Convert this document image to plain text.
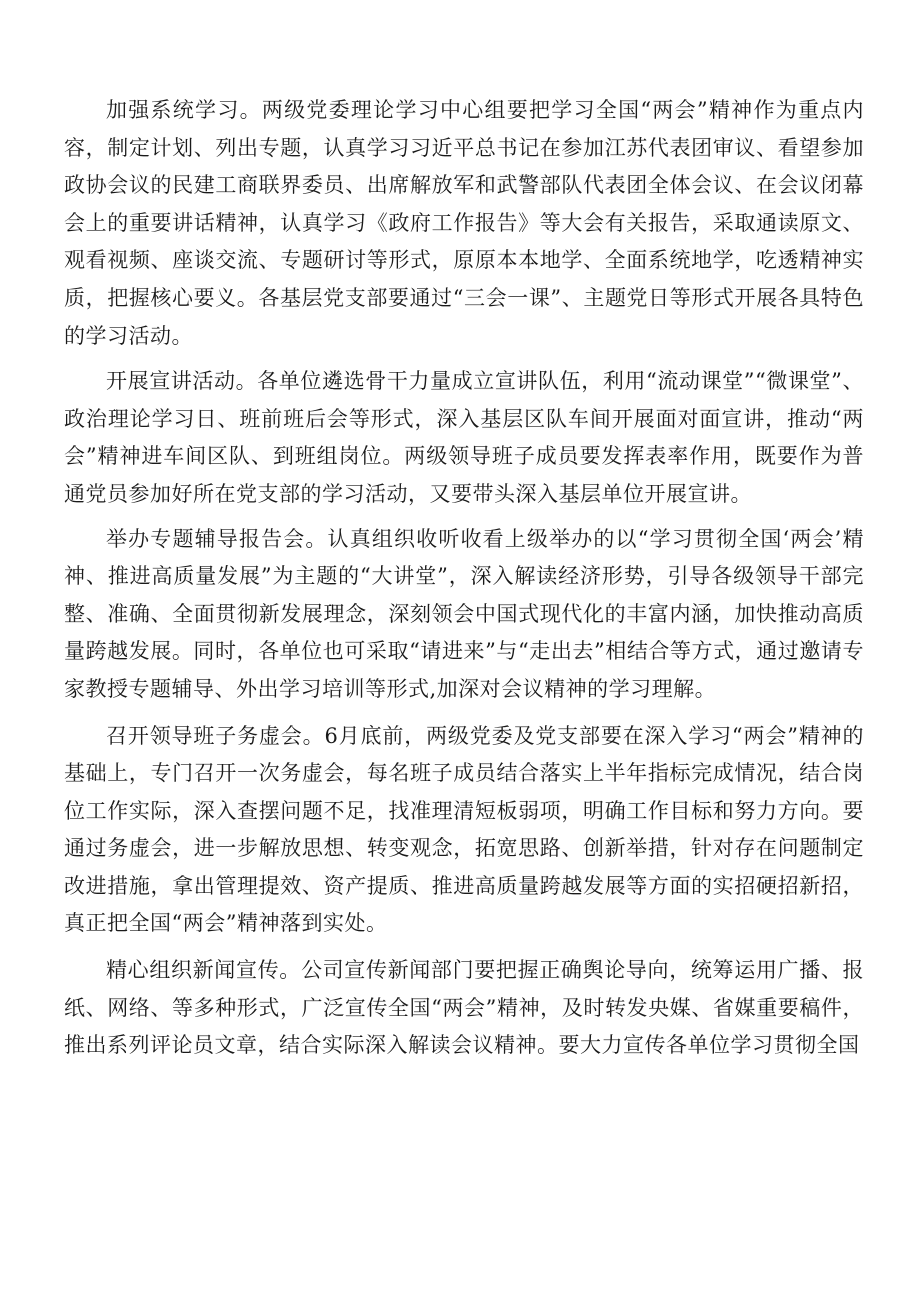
加强系统学习。两级党委理论学习中心组要把学习全国“两会”精神作为重点内容，制定计划、列出专题，认真学习习近平总书记在参加江苏代表团审议、看望参加政协会议的民建工商联界委员、出席解放军和武警部队代表团全体会议、在会议闭幕会上的重要讲话精神，认真学习《政府工作报告》等大会有关报告，采取通读原文、观看视频、座谈交流、专题研讨等形式，原原本本地学、全面系统地学，吃透精神实质，把握核心要义。各基层党支部要通过“三会一课”、主题党日等形式开展各具特色的学习活动。

开展宣讲活动。各单位遴选骨干力量成立宣讲队伍，利用“流动课堂”“微课堂”、政治理论学习日、班前班后会等形式，深入基层区队车间开展面对面宣讲，推动“两会”精神进车间区队、到班组岗位。两级领导班子成员要发挥表率作用，既要作为普通党员参加好所在党支部的学习活动，又要带头深入基层单位开展宣讲。

举办专题辅导报告会。认真组织收听收看上级举办的以“学习贯彻全国‘两会’精神、推进高质量发展”为主题的“大讲堂”，深入解读经济形势，引导各级领导干部完整、准确、全面贯彻新发展理念，深刻领会中国式现代化的丰富内涵，加快推动高质量跨越发展。同时，各单位也可采取“请进来”与“走出去”相结合等方式，通过邀请专家教授专题辅导、外出学习培训等形式,加深对会议精神的学习理解。

召开领导班子务虚会。6月底前，两级党委及党支部要在深入学习“两会”精神的基础上，专门召开一次务虚会，每名班子成员结合落实上半年指标完成情况，结合岗位工作实际，深入查摆问题不足，找准理清短板弱项，明确工作目标和努力方向。要通过务虚会，进一步解放思想、转变观念，拓宽思路、创新举措，针对存在问题制定改进措施，拿出管理提效、资产提质、推进高质量跨越发展等方面的实招硬招新招，真正把全国“两会”精神落到实处。

精心组织新闻宣传。公司宣传新闻部门要把握正确舆论导向，统筹运用广播、报纸、网络、等多种形式，广泛宣传全国“两会”精神，及时转发央媒、省媒重要稿件，推出系列评论员文章，结合实际深入解读会议精神。要大力宣传各单位学习贯彻全国
